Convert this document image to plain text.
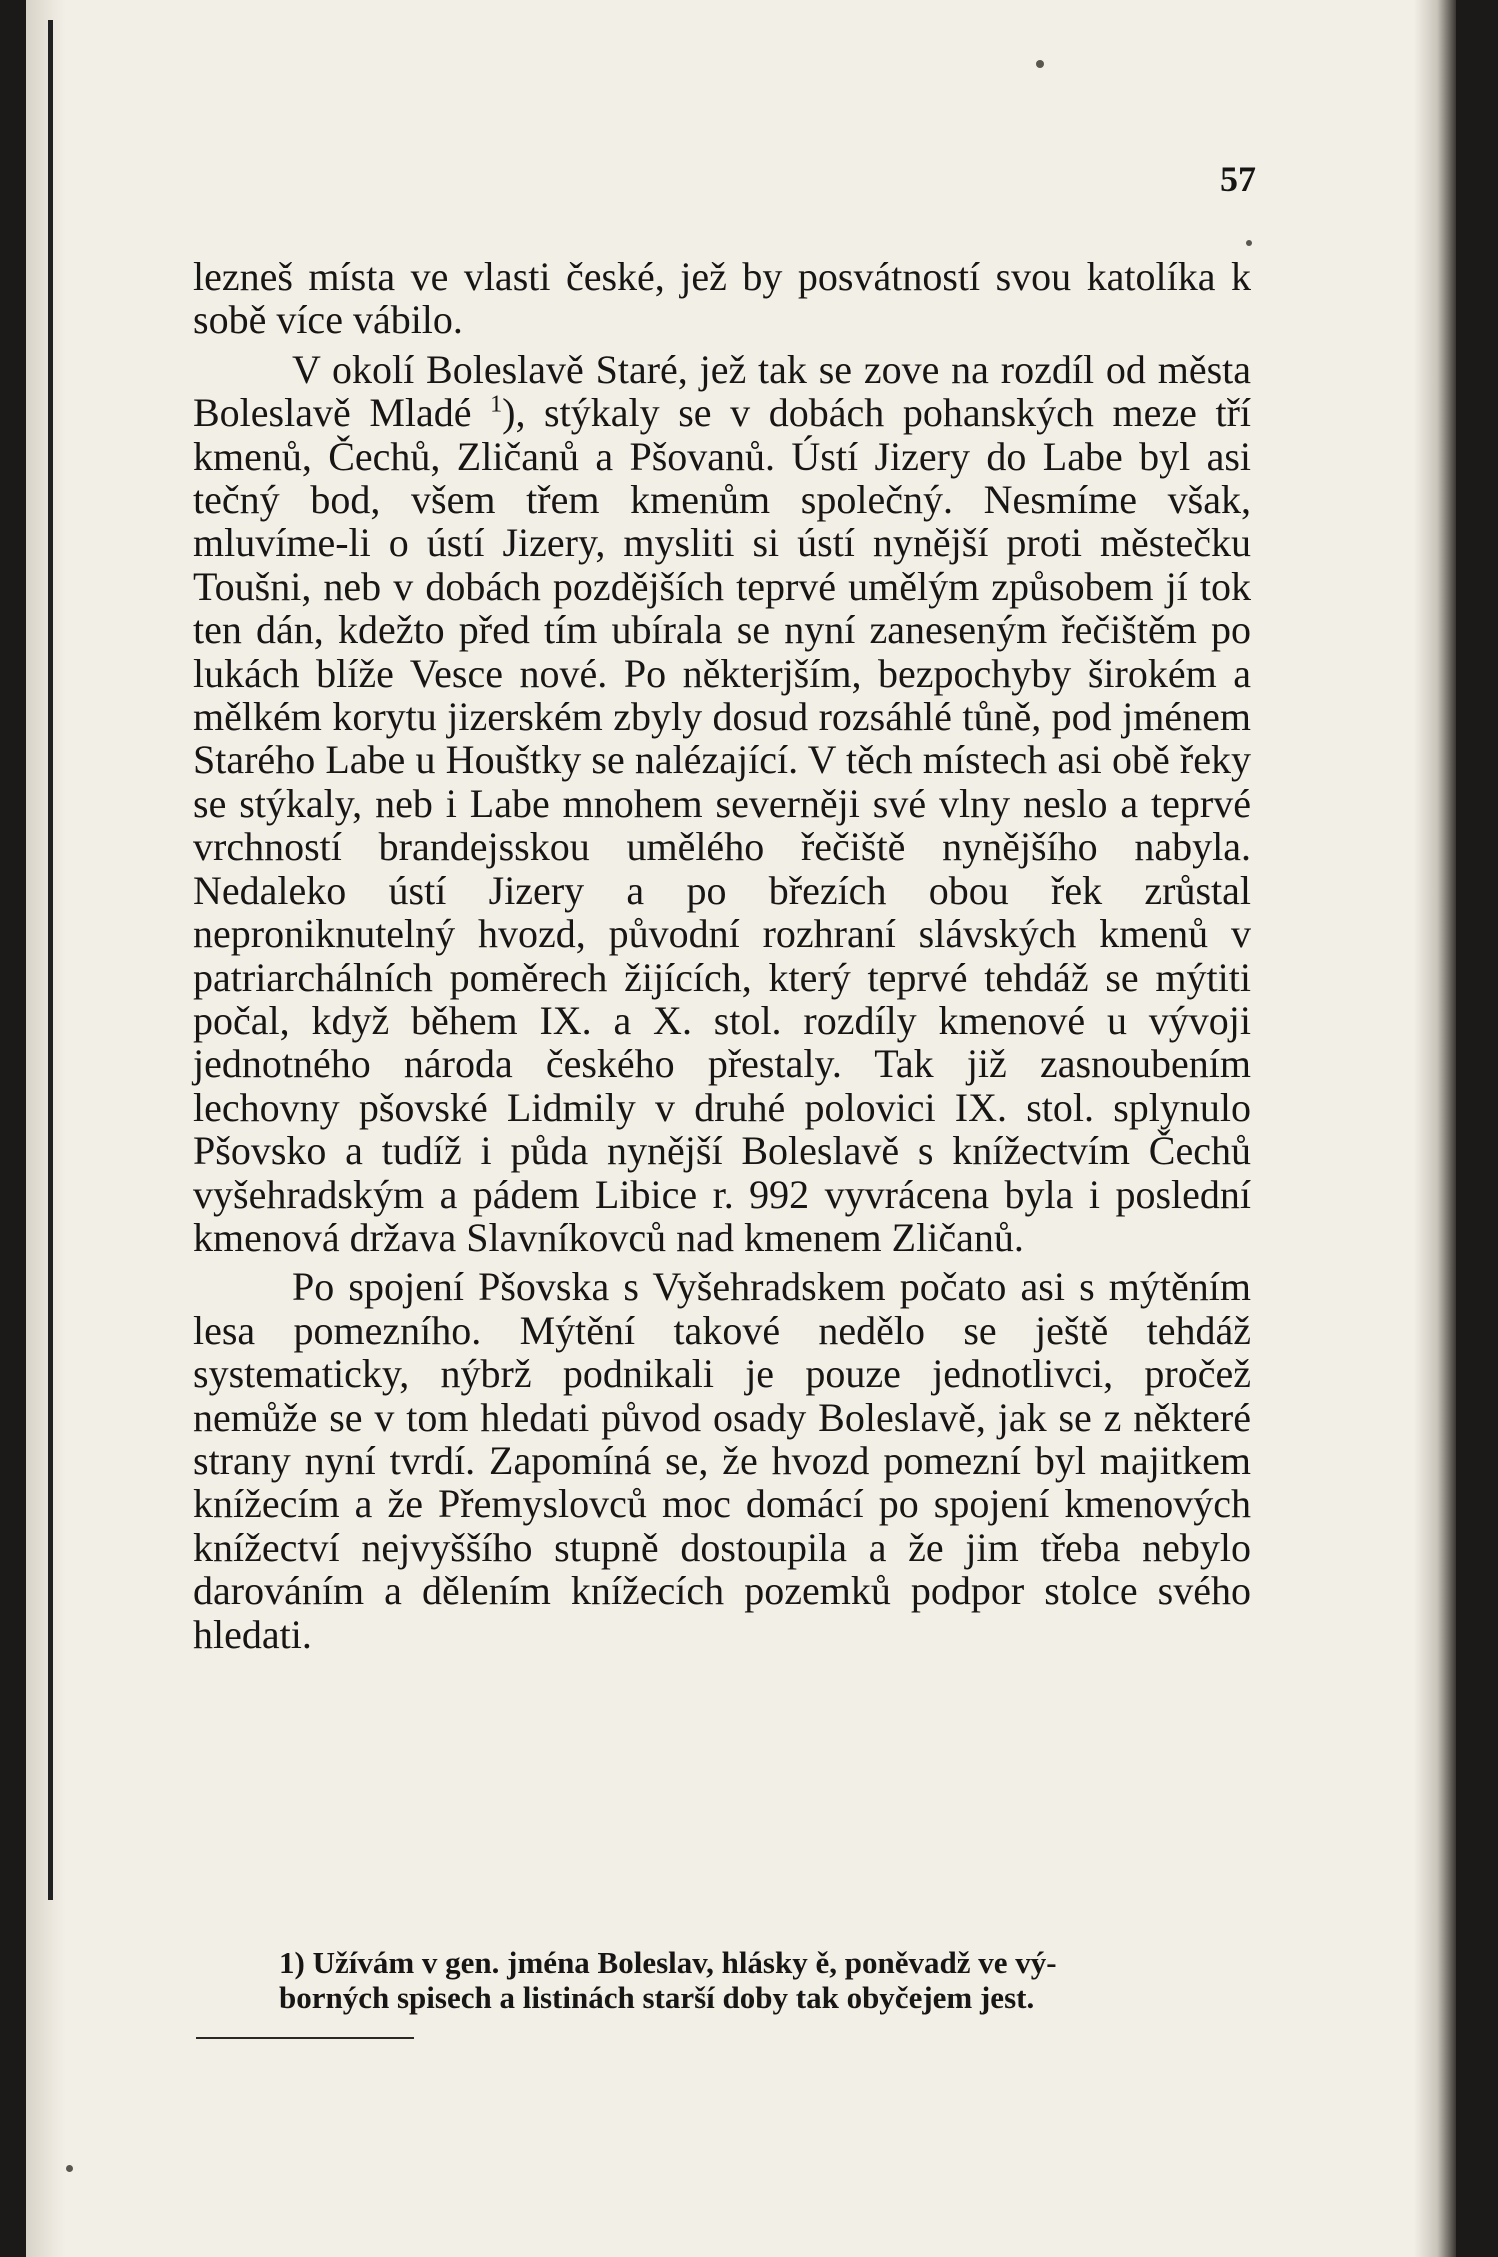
57

lezneš místa ve vlasti české, jež by posvátností svou katolíka k sobě více vábilo.

V okolí Boleslavě Staré, jež tak se zove na rozdíl od města Boleslavě Mladé $^1$), stýkaly se v dobách pohanských meze tří kmenů, Čechů, Zličanů a Pšovanů. Ústí Jizery do Labe byl asi tečný bod, všem třem kmenům společný. Nesmíme však, mluvíme-li o ústí Jizery, mysliti si ústí nynější proti městečku Toušni, neb v dobách pozdějších teprvé umělým způsobem jí tok ten dán, kdežto před tím ubírala se nyní zaneseným řečištěm po lukách blíže Vesce nové. Po některjším, bezpochyby širokém a mělkém korytu jizerském zbyly dosud rozsáhlé tůně, pod jménem Starého Labe u Houštky se nalézající. V těch místech asi obě řeky se stýkaly, neb i Labe mnohem severněji své vlny neslo a teprvé vrchností brandejsskou umělého řečiště nynějšího nabyla. Nedaleko ústí Jizery a po březích obou řek zrůstal neproniknutelný hvozd, původní rozhraní slávských kmenů v patriarchálních poměrech žijících, který teprvé tehdáž se mýtiti počal, když během IX. a X. stol. rozdíly kmenové u vývoji jednotného národa českého přestaly. Tak již zasnoubením lechovny pšovské Lidmily v druhé polovici IX. stol. splynulo Pšovsko a tudíž i půda nynější Boleslavě s knížectvím Čechů vyšehradským a pádem Libice r. 992 vyvrácena byla i poslední kmenová država Slavníkovců nad kmenem Zličanů.

Po spojení Pšovska s Vyšehradskem počato asi s mýtěním lesa pomezního. Mýtění takové nedělo se ještě tehdáž systematicky, nýbrž podnikali je pouze jednotlivci, pročež nemůže se v tom hledati původ osady Boleslavě, jak se z některé strany nyní tvrdí. Zapomíná se, že hvozd pomezní byl majitkem knížecím a že Přemyslovců moc domácí po spojení kmenových knížectví nejvyššího stupně dostoupila a že jim třeba nebylo darováním a dělením knížecích pozemků podpor stolce svého hledati.

1) Užívám v gen. jména Boleslav, hlásky ě, poněvadž ve vý-
borných spisech a listinách starší doby tak obyčejem jest.
